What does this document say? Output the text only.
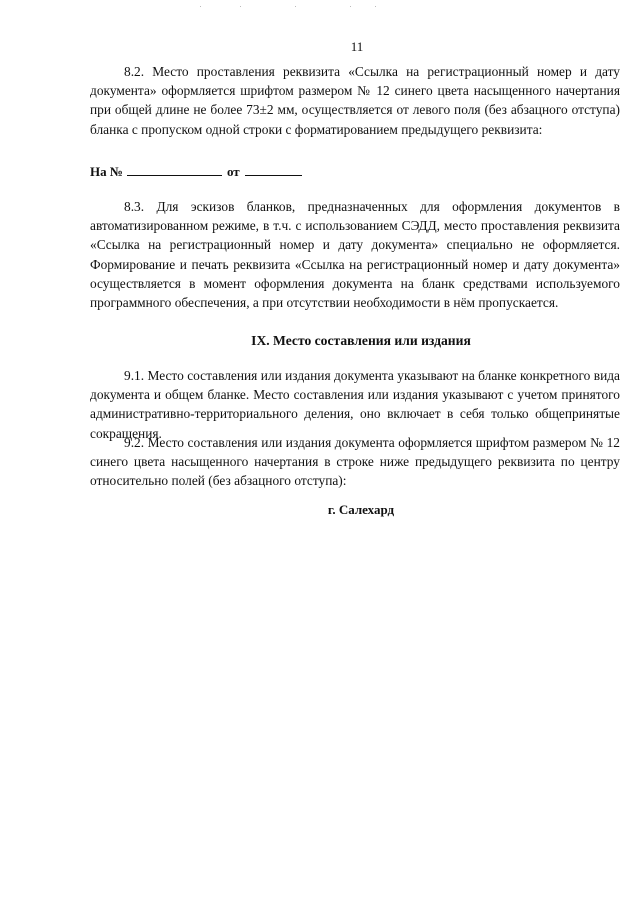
11

8.2. Место проставления реквизита «Ссылка на регистрационный номер и дату документа» оформляется шрифтом размером № 12 синего цвета насыщенного начертания при общей длине не более 73±2 мм, осуществляется от левого поля (без абзацного отступа) бланка с пропуском одной строки с форматированием предыдущего реквизита:

На №	от

8.3. Для эскизов бланков, предназначенных для оформления документов в автоматизированном режиме, в т.ч. с использованием СЭДД, место проставления реквизита «Ссылка на регистрационный номер и дату документа» специально не оформляется. Формирование и печать реквизита «Ссылка на регистрационный номер и дату документа» осуществляется в момент оформления документа на бланк средствами используемого программного обеспечения, а при отсутствии необходимости в нём пропускается.

IX. Место составления или издания

9.1. Место составления или издания документа указывают на бланке конкретного вида документа и общем бланке. Место составления или издания указывают с учетом принятого административно-территориального деления, оно включает в себя только общепринятые сокращения.

9.2. Место составления или издания документа оформляется шрифтом размером № 12 синего цвета насыщенного начертания в строке ниже предыдущего реквизита по центру относительно полей (без абзацного отступа):

г. Салехард
